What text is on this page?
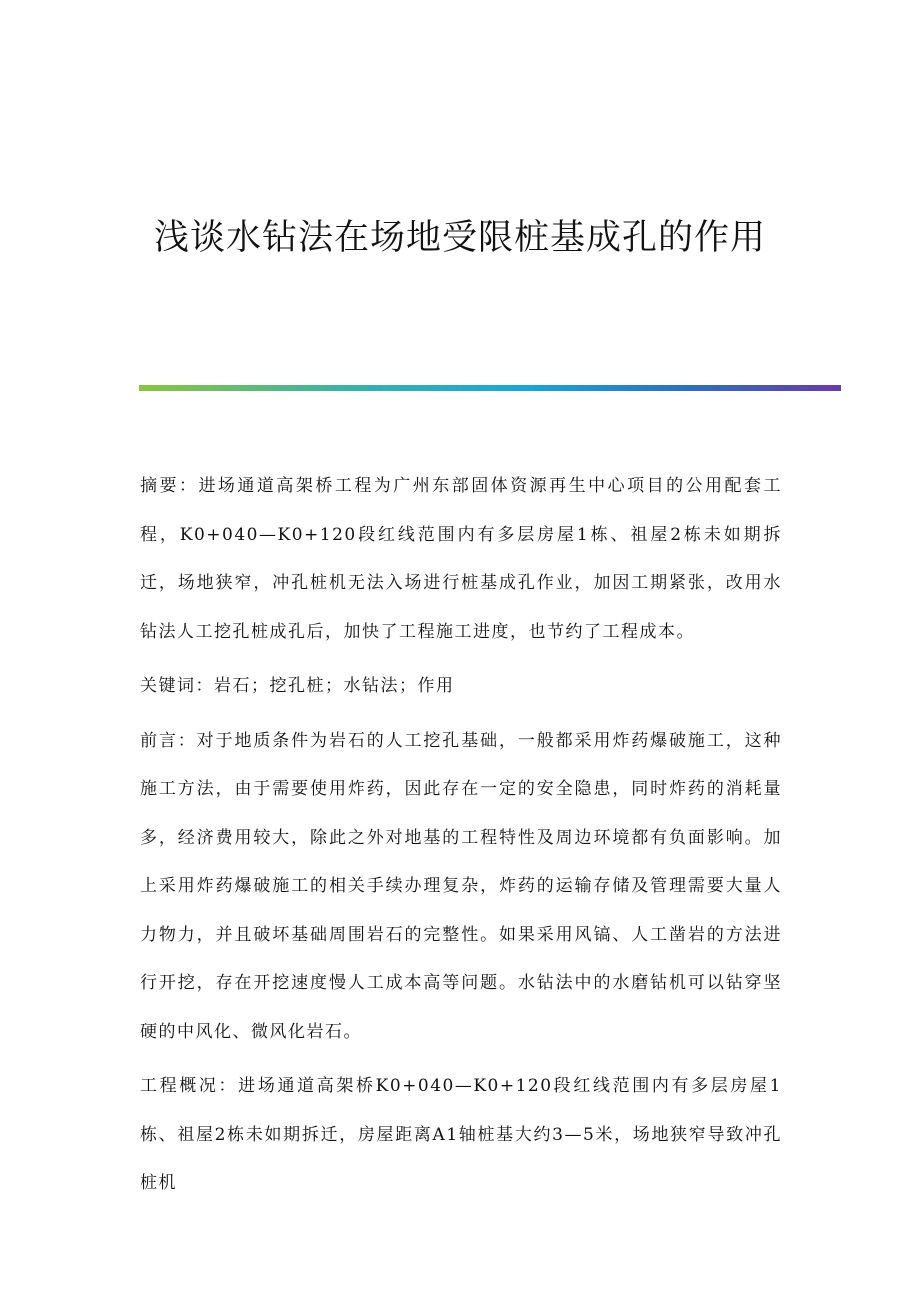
浅谈水钻法在场地受限桩基成孔的作用

摘要：进场通道高架桥工程为广州东部固体资源再生中心项目的公用配套工程，K0+040—K0+120段红线范围内有多层房屋1栋、祖屋2栋未如期拆迁，场地狭窄，冲孔桩机无法入场进行桩基成孔作业，加因工期紧张，改用水钻法人工挖孔桩成孔后，加快了工程施工进度，也节约了工程成本。

关键词：岩石；挖孔桩；水钻法；作用

前言：对于地质条件为岩石的人工挖孔基础，一般都采用炸药爆破施工，这种施工方法，由于需要使用炸药，因此存在一定的安全隐患，同时炸药的消耗量多，经济费用较大，除此之外对地基的工程特性及周边环境都有负面影响。加上采用炸药爆破施工的相关手续办理复杂，炸药的运输存储及管理需要大量人力物力，并且破坏基础周围岩石的完整性。如果采用风镐、人工凿岩的方法进行开挖，存在开挖速度慢人工成本高等问题。水钻法中的水磨钻机可以钻穿坚硬的中风化、微风化岩石。

工程概况：进场通道高架桥K0+040—K0+120段红线范围内有多层房屋1栋、祖屋2栋未如期拆迁，房屋距离A1轴桩基大约3—5米，场地狭窄导致冲孔桩机
